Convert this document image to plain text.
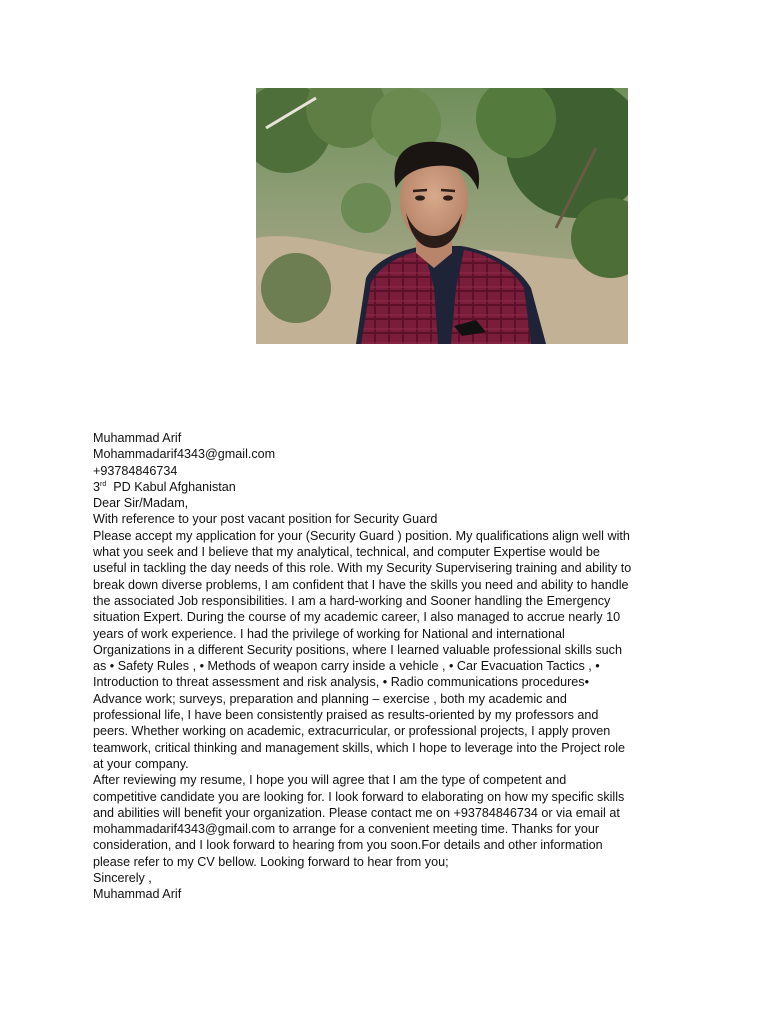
Muhammad Arif
Mohammadarif4343@gmail.com
+93784846734
3rd  PD Kabul Afghanistan
Dear Sir/Madam,
With reference to your post vacant position for Security Guard

Please accept my application for your (Security Guard ) position. My qualifications align well with what you seek and I believe that my analytical, technical, and computer Expertise would be useful in tackling the day needs of this role. With my Security Supervisering training and ability to break down diverse problems, I am confident that I have the skills you need and ability to handle the associated Job responsibilities. I am a hard-working and Sooner handling the Emergency situation Expert. During the course of my academic career, I also managed to accrue nearly 10 years of work experience. I had the privilege of working for National and international Organizations in a different Security positions, where I learned valuable professional skills such as • Safety Rules , • Methods of weapon carry inside a vehicle , • Car Evacuation Tactics , • Introduction to threat assessment and risk analysis, • Radio communications procedures• Advance work; surveys, preparation and planning – exercise , both my academic and professional life, I have been consistently praised as results-oriented by my professors and peers. Whether working on academic, extracurricular, or professional projects, I apply proven teamwork, critical thinking and management skills, which I hope to leverage into the Project role at your company.

After reviewing my resume, I hope you will agree that I am the type of competent and competitive candidate you are looking for. I look forward to elaborating on how my specific skills and abilities will benefit your organization. Please contact me on +93784846734 or via email at mohammadarif4343@gmail.com to arrange for a convenient meeting time. Thanks for your consideration, and I look forward to hearing from you soon.For details and other information please refer to my CV bellow. Looking forward to hear from you;

Sincerely ,
Muhammad Arif
